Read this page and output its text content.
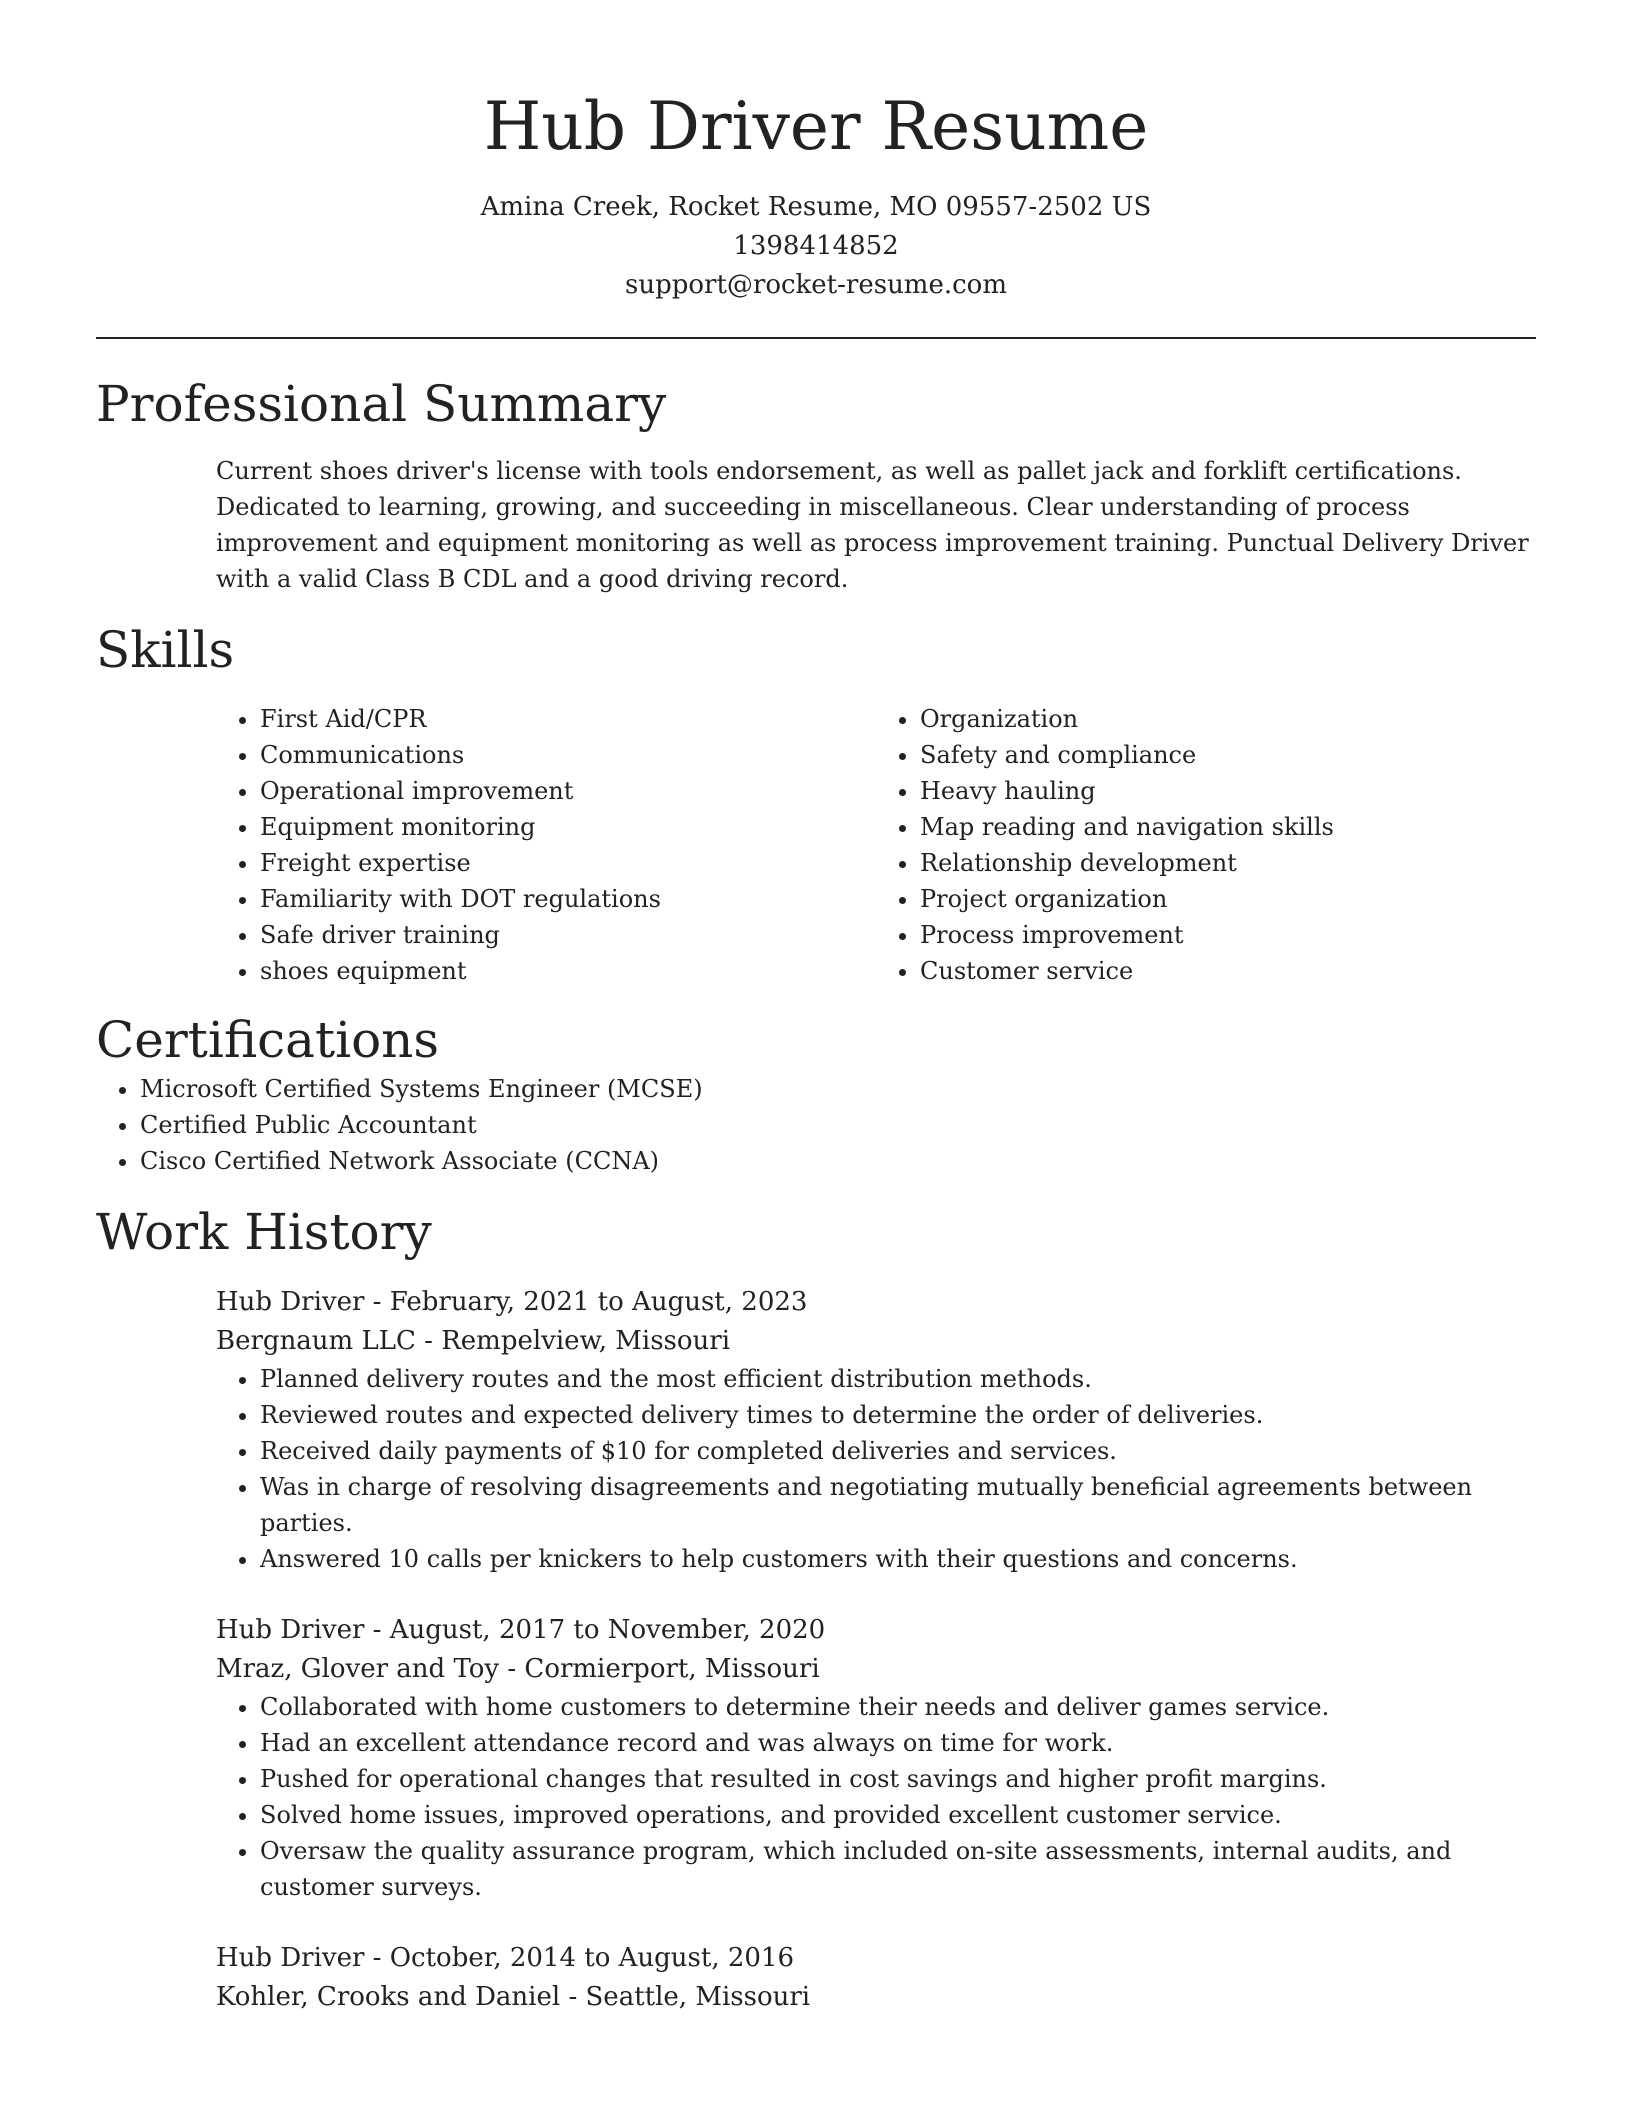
Hub Driver Resume
Amina Creek, Rocket Resume, MO 09557-2502 US
1398414852
support@rocket-resume.com
Professional Summary

Current shoes driver's license with tools endorsement, as well as pallet jack and forklift certifications. Dedicated to learning, growing, and succeeding in miscellaneous. Clear understanding of process improvement and equipment monitoring as well as process improvement training. Punctual Delivery Driver with a valid Class B CDL and a good driving record.

Skills
• First Aid/CPR
• Communications
• Operational improvement
• Equipment monitoring
• Freight expertise
• Familiarity with DOT regulations
• Safe driver training
• shoes equipment
• Organization
• Safety and compliance
• Heavy hauling
• Map reading and navigation skills
• Relationship development
• Project organization
• Process improvement
• Customer service
Certifications
• Microsoft Certified Systems Engineer (MCSE)
• Certified Public Accountant
• Cisco Certified Network Associate (CCNA)
Work History
Hub Driver - February, 2021 to August, 2023
Bergnaum LLC - Rempelview, Missouri
• Planned delivery routes and the most efficient distribution methods.
• Reviewed routes and expected delivery times to determine the order of deliveries.
• Received daily payments of $10 for completed deliveries and services.
• Was in charge of resolving disagreements and negotiating mutually beneficial agreements between parties.
• Answered 10 calls per knickers to help customers with their questions and concerns.
Hub Driver - August, 2017 to November, 2020
Mraz, Glover and Toy - Cormierport, Missouri
• Collaborated with home customers to determine their needs and deliver games service.
• Had an excellent attendance record and was always on time for work.
• Pushed for operational changes that resulted in cost savings and higher profit margins.
• Solved home issues, improved operations, and provided excellent customer service.
• Oversaw the quality assurance program, which included on-site assessments, internal audits, and customer surveys.
Hub Driver - October, 2014 to August, 2016
Kohler, Crooks and Daniel - Seattle, Missouri
